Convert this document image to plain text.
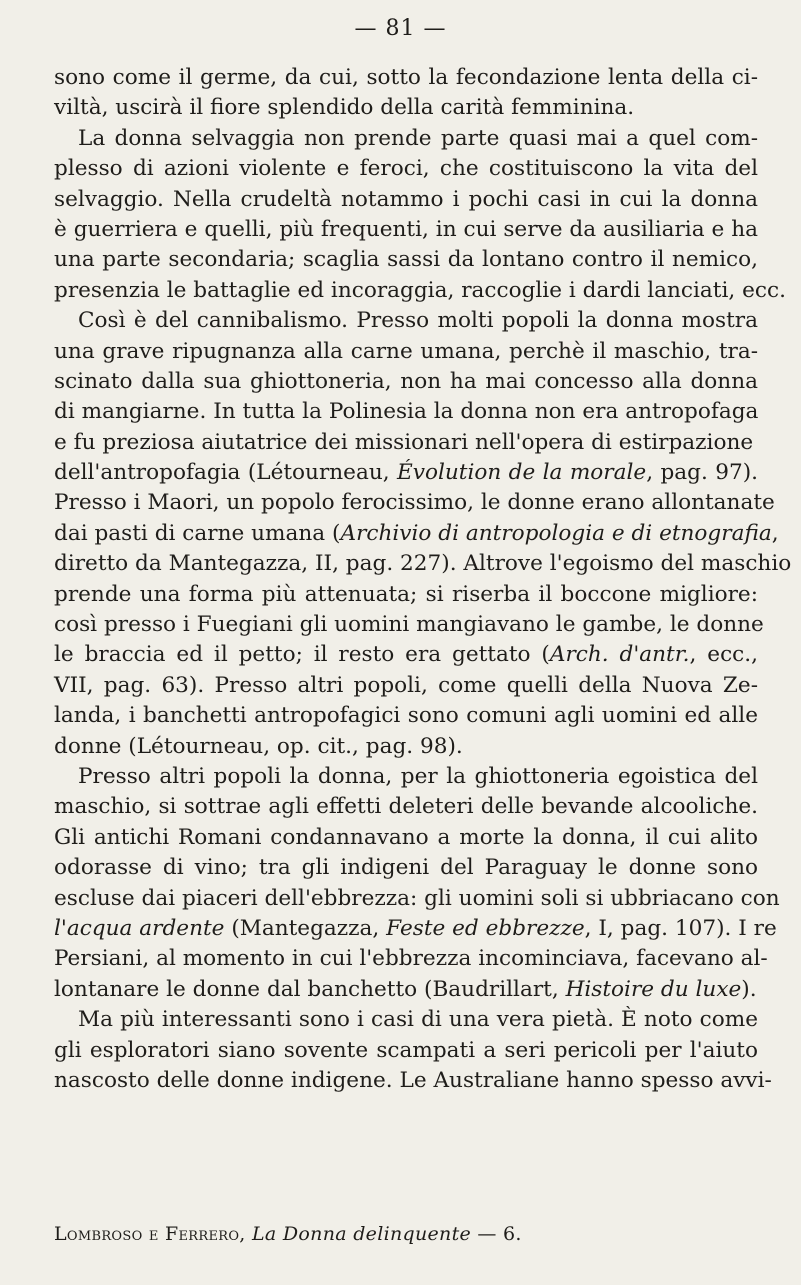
— 81 —
sono come il germe, da cui, sotto la fecondazione lenta della ci-
viltà, uscirà il fiore splendido della carità femminina.
La donna selvaggia non prende parte quasi mai a quel com-
plesso di azioni violente e feroci, che costituiscono la vita del
selvaggio. Nella crudeltà notammo i pochi casi in cui la donna
è guerriera e quelli, più frequenti, in cui serve da ausiliaria e ha
una parte secondaria; scaglia sassi da lontano contro il nemico,
presenzia le battaglie ed incoraggia, raccoglie i dardi lanciati, ecc.
Così è del cannibalismo. Presso molti popoli la donna mostra
una grave ripugnanza alla carne umana, perchè il maschio, tra-
scinato dalla sua ghiottoneria, non ha mai concesso alla donna
di mangiarne. In tutta la Polinesia la donna non era antropofaga
e fu preziosa aiutatrice dei missionari nell'opera di estirpazione
dell'antropofagia (Létourneau, Évolution de la morale, pag. 97).
Presso i Maori, un popolo ferocissimo, le donne erano allontanate
dai pasti di carne umana (Archivio di antropologia e di etnografia,
diretto da Mantegazza, II, pag. 227). Altrove l'egoismo del maschio
prende una forma più attenuata; si riserba il boccone migliore:
così presso i Fuegiani gli uomini mangiavano le gambe, le donne
le braccia ed il petto; il resto era gettato (Arch. d'antr., ecc.,
VII, pag. 63). Presso altri popoli, come quelli della Nuova Ze-
landa, i banchetti antropofagici sono comuni agli uomini ed alle
donne (Létourneau, op. cit., pag. 98).
Presso altri popoli la donna, per la ghiottoneria egoistica del
maschio, si sottrae agli effetti deleteri delle bevande alcooliche.
Gli antichi Romani condannavano a morte la donna, il cui alito
odorasse di vino; tra gli indigeni del Paraguay le donne sono
escluse dai piaceri dell'ebbrezza: gli uomini soli si ubbriacano con
l'acqua ardente (Mantegazza, Feste ed ebbrezze, I, pag. 107). I re
Persiani, al momento in cui l'ebbrezza incominciava, facevano al-
lontanare le donne dal banchetto (Baudrillart, Histoire du luxe).
Ma più interessanti sono i casi di una vera pietà. È noto come
gli esploratori siano sovente scampati a seri pericoli per l'aiuto
nascosto delle donne indigene. Le Australiane hanno spesso avvi-
Lombroso e Ferrero, La Donna delinquente — 6.
